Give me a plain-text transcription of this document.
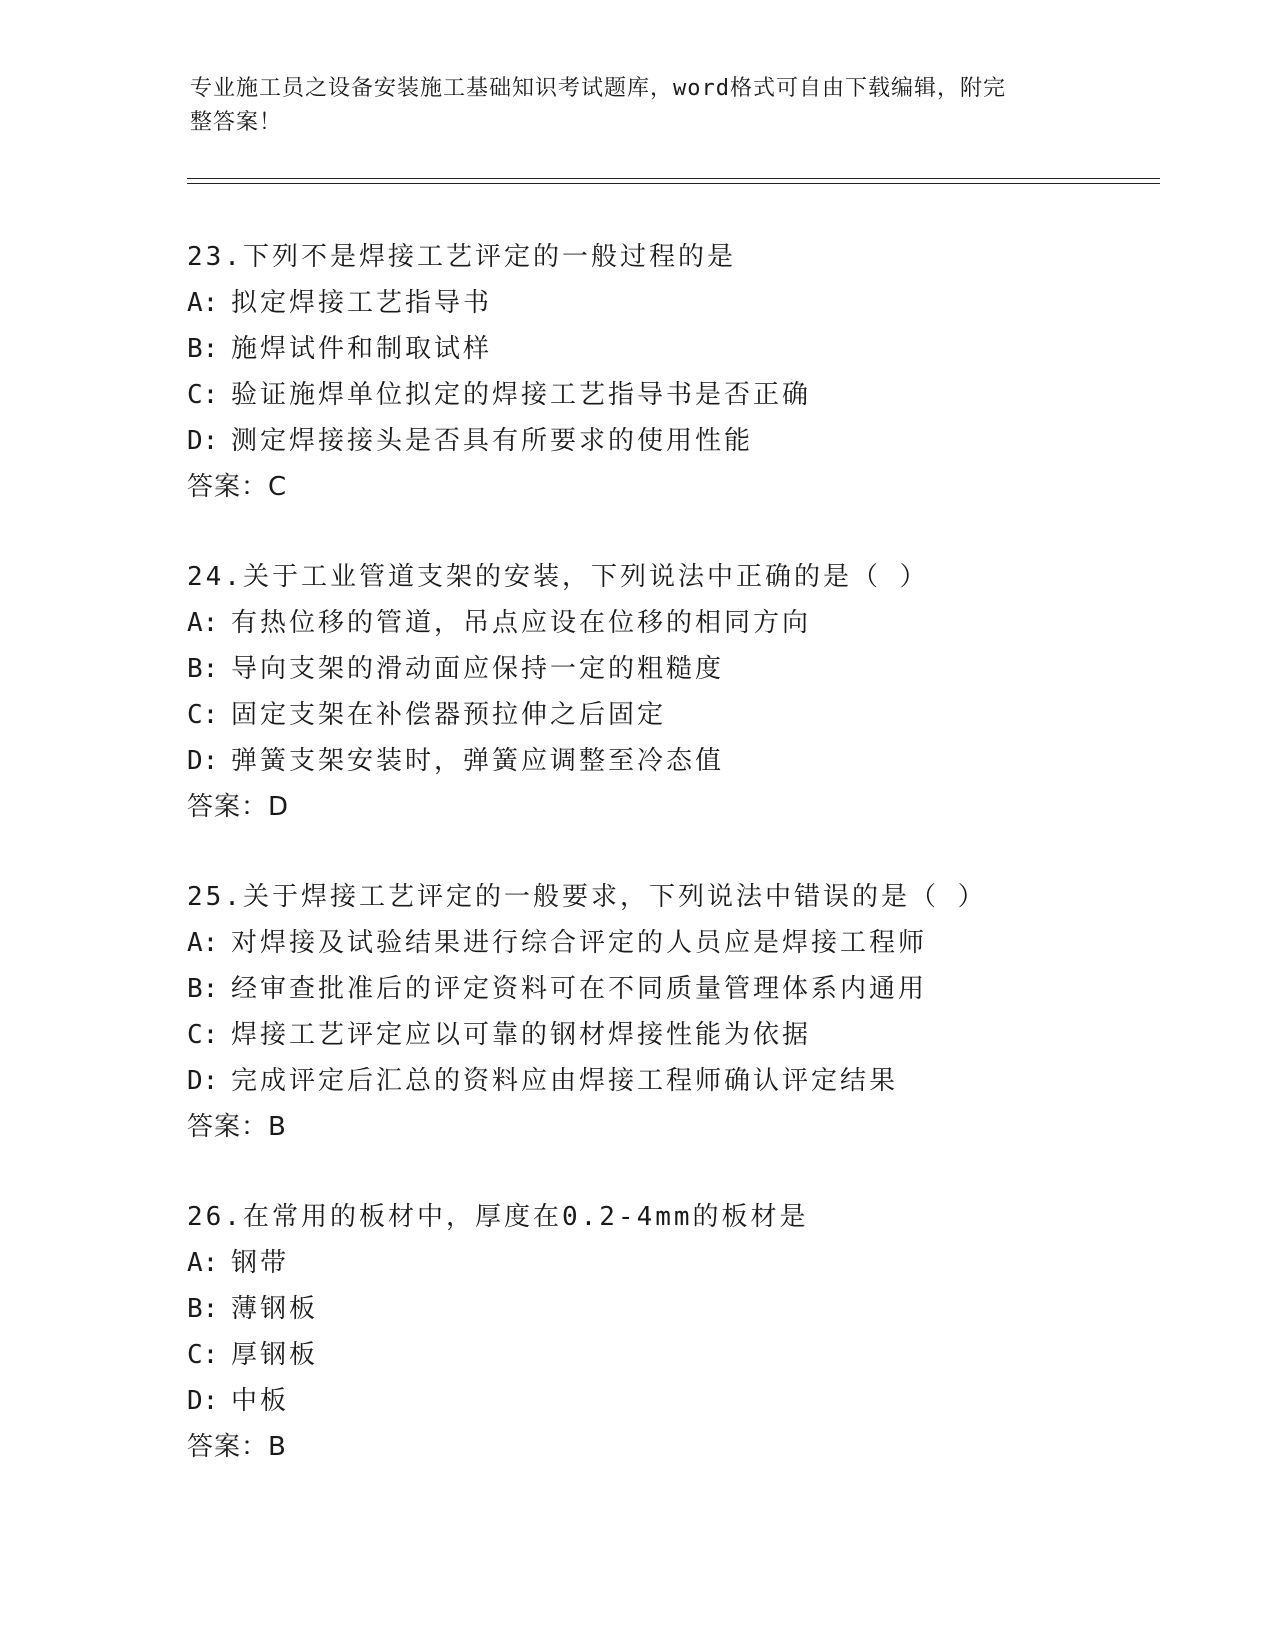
专业施工员之设备安装施工基础知识考试题库，word格式可自由下载编辑，附完
整答案！
23.下列不是焊接工艺评定的一般过程的是
A: 拟定焊接工艺指导书
B: 施焊试件和制取试样
C: 验证施焊单位拟定的焊接工艺指导书是否正确
D: 测定焊接接头是否具有所要求的使用性能
答案：C
24.关于工业管道支架的安装，下列说法中正确的是（ ）
A: 有热位移的管道，吊点应设在位移的相同方向
B: 导向支架的滑动面应保持一定的粗糙度
C: 固定支架在补偿器预拉伸之后固定
D: 弹簧支架安装时，弹簧应调整至冷态值
答案：D
25.关于焊接工艺评定的一般要求，下列说法中错误的是（ ）
A: 对焊接及试验结果进行综合评定的人员应是焊接工程师
B: 经审查批准后的评定资料可在不同质量管理体系内通用
C: 焊接工艺评定应以可靠的钢材焊接性能为依据
D: 完成评定后汇总的资料应由焊接工程师确认评定结果
答案：B
26.在常用的板材中，厚度在0.2-4mm的板材是
A: 钢带
B: 薄钢板
C: 厚钢板
D: 中板
答案：B
